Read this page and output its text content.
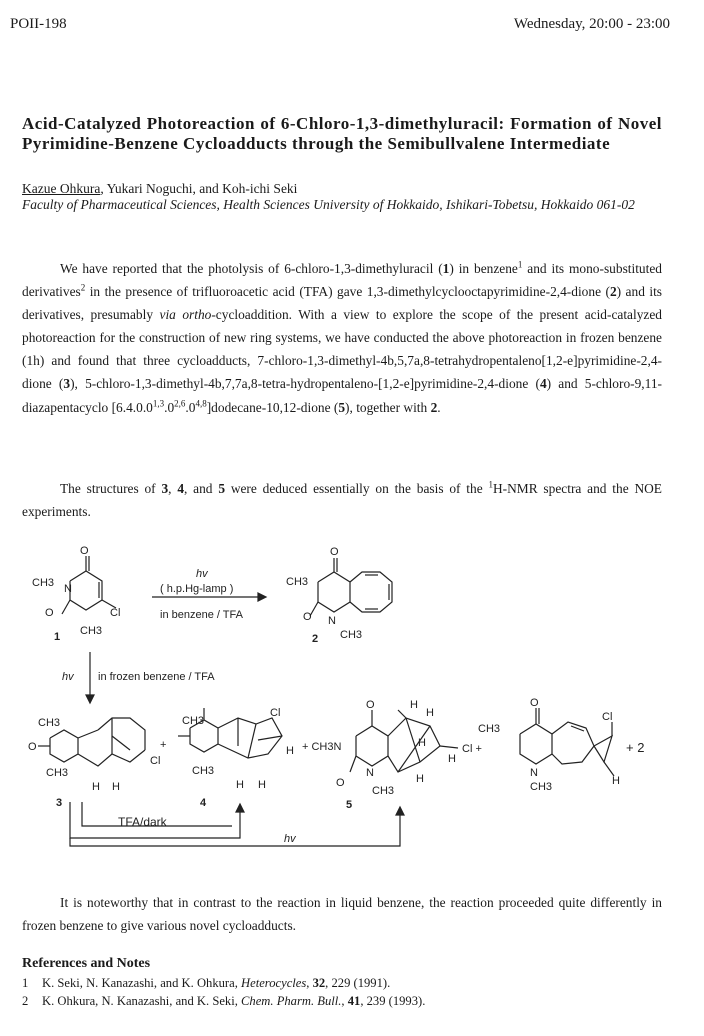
POII-198	Wednesday, 20:00 - 23:00
Acid-Catalyzed Photoreaction of 6-Chloro-1,3-dimethyluracil: Formation of Novel Pyrimidine-Benzene Cycloadducts through the Semibullvalene Intermediate
Kazue Ohkura, Yukari Noguchi, and Koh-ichi Seki
Faculty of Pharmaceutical Sciences, Health Sciences University of Hokkaido, Ishikari-Tobetsu, Hokkaido 061-02

We have reported that the photolysis of 6-chloro-1,3-dimethyluracil (1) in benzene$^1$ and its mono-substituted derivatives$^2$ in the presence of trifluoroacetic acid (TFA) gave 1,3-dimethylcyclooctapyrimidine-2,4-dione (2) and its derivatives, presumably via ortho-cycloaddition. With a view to explore the scope of the present acid-catalyzed photoreaction for the construction of new ring systems, we have conducted the above photoreaction in frozen benzene (1h) and found that three cycloadducts, 7-chloro-1,3-dimethyl-4b,5,7a,8-tetrahydropentaleno[1,2-e]pyrimidine-2,4-dione (3), 5-chloro-1,3-dimethyl-4b,7,7a,8-tetra-hydropentaleno-[1,2-e]pyrimidine-2,4-dione (4) and 5-chloro-9,11-diazapentacyclo [6.4.0.0$^{1,3}$.0$^{2,6}$.0$^{4,8}$]dodecane-10,12-dione (5), together with 2.

The structures of 3, 4, and 5 were deduced essentially on the basis of the $^1$H-NMR spectra and the NOE experiments.

O
CH3 N
O	Cl
CH3
1
hv
( h.p.Hg-lamp )
in benzene / TFA
O
CH3
O N
CH3
2
hv in frozen benzene / TFA
CH3
O
CH3
Cl
H H
3
+
CH3
CH3
Cl
H
H H
4
+ CH3N
O
O
N
CH3
H
H
H
H
H
Cl +
5
CH3
O
N
CH3
Cl
H
+ 2
TFA/dark
hv

It is noteworthy that in contrast to the reaction in liquid benzene, the reaction proceeded quite differently in frozen benzene to give various novel cycloadducts.

References and Notes
1 K. Seki, N. Kanazashi, and K. Ohkura, Heterocycles, 32, 229 (1991).
2 K. Ohkura, N. Kanazashi, and K. Seki, Chem. Pharm. Bull., 41, 239 (1993).
